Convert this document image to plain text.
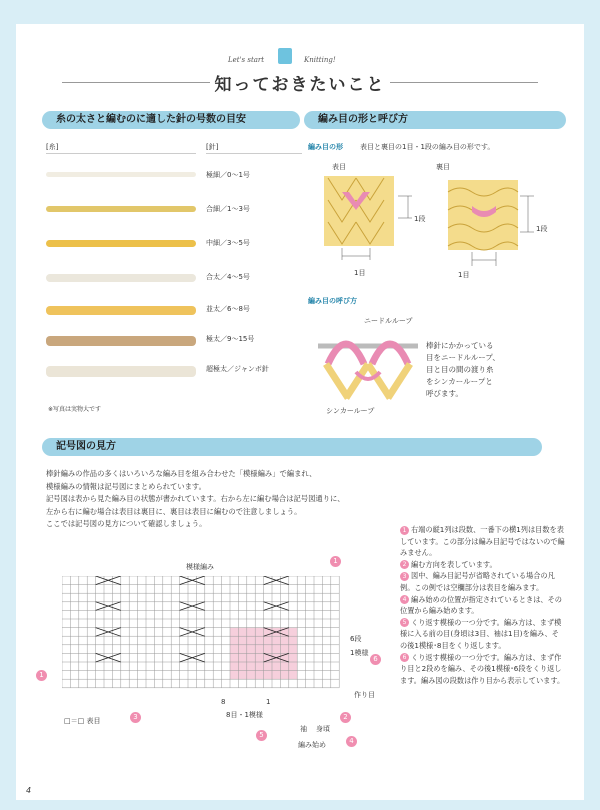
Let's start	Knitting!
知っておきたいこと
糸の太さと編むのに適した針の号数の目安
[糸]	[針]
極細／0～1号
合細／1～3号
中細／3～5号
合太／4～5号
並太／6～8号
極太／9～15号
超極太／ジャンボ針
※写真は実物大です
編み目の形と呼び方
編み目の形 表目と裏目の1目・1段の編み目の形です。
表目	裏目
1段
1段
1目	1目
編み目の呼び方
ニードルループ
シンカーループ
棒針にかかっている
目をニードルループ、
目と目の間の渡り糸
をシンカーループと
呼びます。
記号図の見方
棒針編みの作品の多くはいろいろな編み目を組み合わせた「模様編み」で編まれ、
模様編みの情報は記号図にまとめられています。
記号図は表から見た編み目の状態が書かれています。右から左に編む場合は記号図通りに、
左から右に編む場合は表目は裏目に、裏目は表目に編むので注意しましょう。
ここでは記号図の見方について確認しましょう。
模様編み
1
1
6段
1模様
6
作り目
2
8	1
□＝□ 表目	3	8目・1模様
5
袖 身頃
編み始め	4
1 右端の縦1列は段数、一番下の横1列は目数を表しています。この部分は編み目記号ではないので編みません。
2 編む方向を表しています。
3 図中、編み目記号が省略されている場合の凡例。この例では空欄部分は表目を編みます。
4 編み始めの位置が指定されているときは、その位置から編み始めます。
5 くり返す模様の一つ分です。編み方は、まず模様に入る前の目(身頃は3目、袖は1目)を編み、その後1模様･8目をくり返します。
6 くり返す模様の一つ分です。編み方は、まず作り目と2段めを編み、その後1模様･6段をくり返します。編み図の段数は作り目から表示しています。
4
